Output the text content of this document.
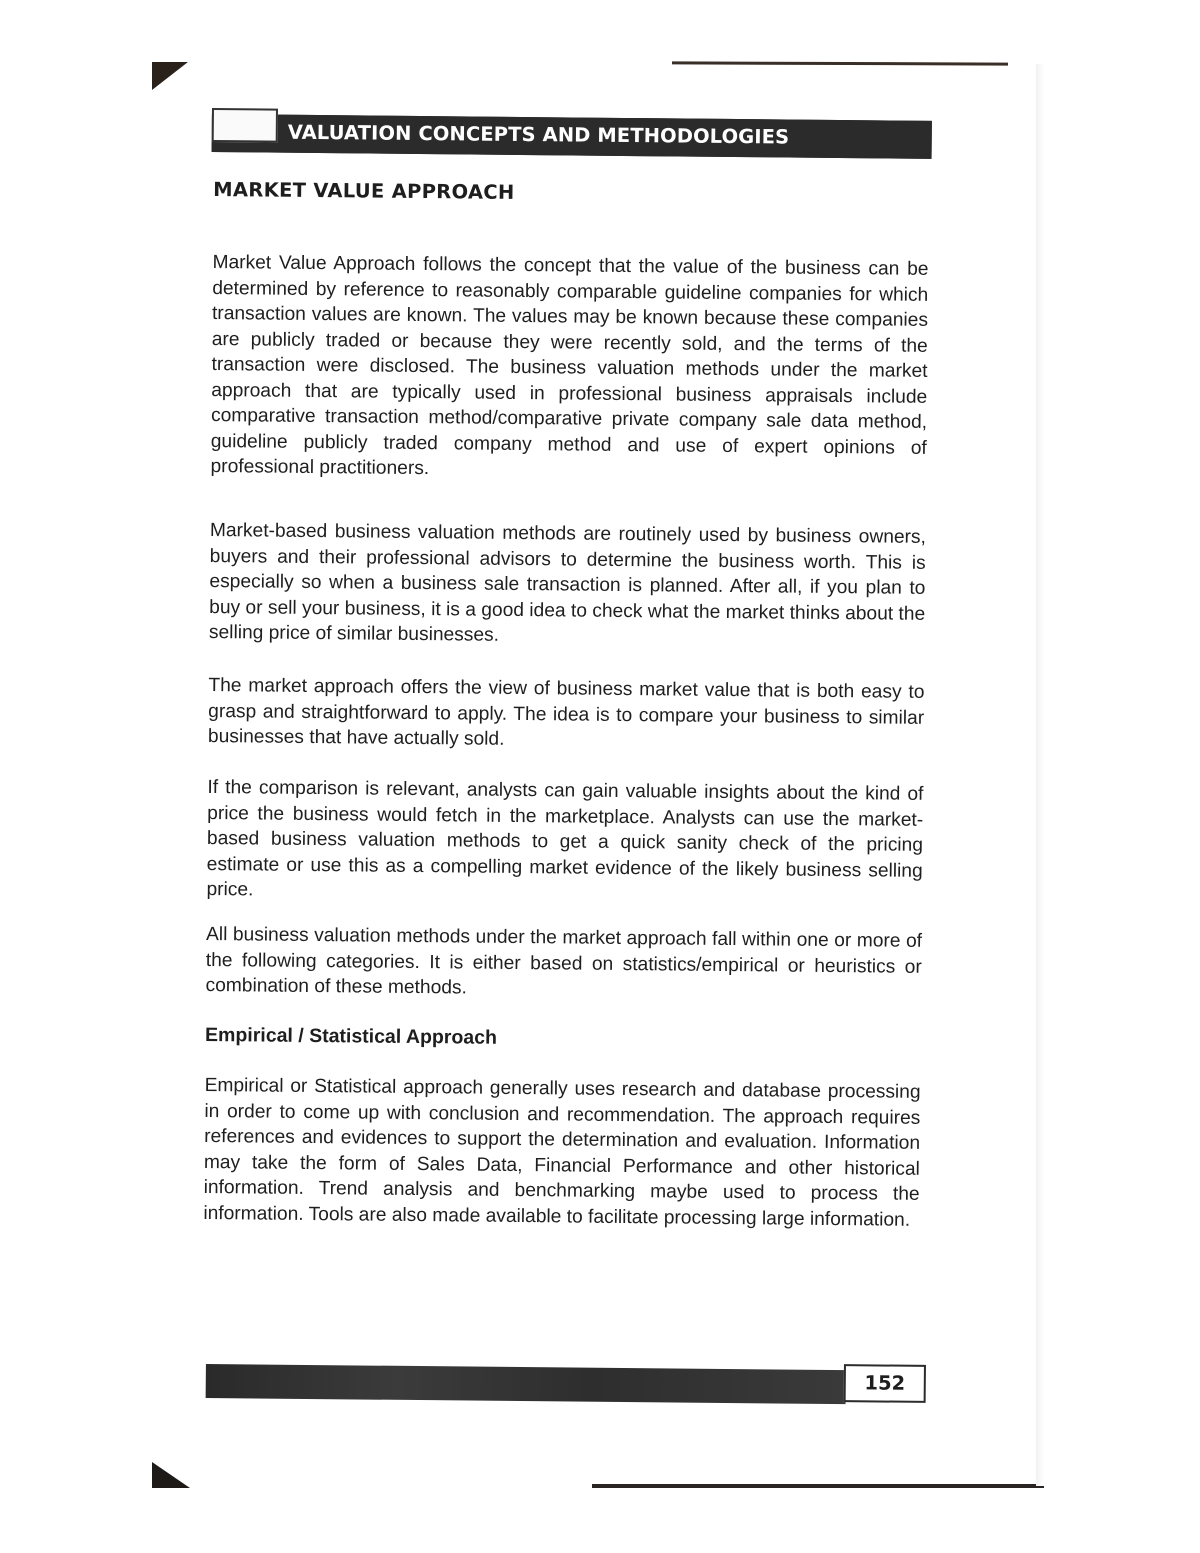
VALUATION CONCEPTS AND METHODOLOGIES
MARKET VALUE APPROACH

Market Value Approach follows the concept that the value of the business can be determined by reference to reasonably comparable guideline companies for which transaction values are known. The values may be known because these companies are publicly traded or because they were recently sold, and the terms of the transaction were disclosed. The business valuation methods under the market approach that are typically used in professional business appraisals include comparative transaction method/comparative private company sale data method, guideline publicly traded company method and use of expert opinions of professional practitioners.

Market-based business valuation methods are routinely used by business owners, buyers and their professional advisors to determine the business worth. This is especially so when a business sale transaction is planned. After all, if you plan to buy or sell your business, it is a good idea to check what the market thinks about the selling price of similar businesses.

The market approach offers the view of business market value that is both easy to grasp and straightforward to apply. The idea is to compare your business to similar businesses that have actually sold.

If the comparison is relevant, analysts can gain valuable insights about the kind of price the business would fetch in the marketplace. Analysts can use the market-based business valuation methods to get a quick sanity check of the pricing estimate or use this as a compelling market evidence of the likely business selling price.

All business valuation methods under the market approach fall within one or more of the following categories. It is either based on statistics/empirical or heuristics or combination of these methods.

Empirical / Statistical Approach

Empirical or Statistical approach generally uses research and database processing in order to come up with conclusion and recommendation. The approach requires references and evidences to support the determination and evaluation. Information may take the form of Sales Data, Financial Performance and other historical information. Trend analysis and benchmarking maybe used to process the information. Tools are also made available to facilitate processing large information.

152
